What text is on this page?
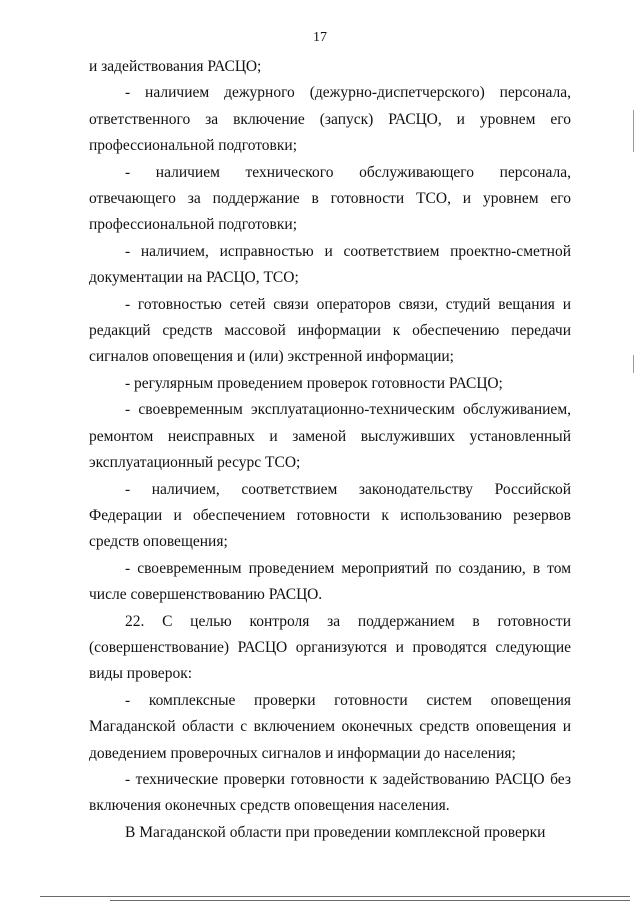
17

и задействования РАСЦО;

- наличием дежурного (дежурно-диспетчерского) персонала, ответственного за включение (запуск) РАСЦО, и уровнем его профессиональной подготовки;

- наличием технического обслуживающего персонала, отвечающего за поддержание в готовности ТСО, и уровнем его профессиональной подготовки;

- наличием, исправностью и соответствием проектно-сметной документации на РАСЦО, ТСО;

- готовностью сетей связи операторов связи, студий вещания и редакций средств массовой информации к обеспечению передачи сигналов оповещения и (или) экстренной информации;

- регулярным проведением проверок готовности РАСЦО;

- своевременным эксплуатационно-техническим обслуживанием, ремонтом неисправных и заменой выслуживших установленный эксплуатационный ресурс ТСО;

- наличием, соответствием законодательству Российской Федерации и обеспечением готовности к использованию резервов средств оповещения;

- своевременным проведением мероприятий по созданию, в том числе совершенствованию РАСЦО.

22. С целью контроля за поддержанием в готовности (совершенствование) РАСЦО организуются и проводятся следующие виды проверок:

- комплексные проверки готовности систем оповещения Магаданской области с включением оконечных средств оповещения и доведением проверочных сигналов и информации до населения;

- технические проверки готовности к задействованию РАСЦО без включения оконечных средств оповещения населения.

В Магаданской области при проведении комплексной проверки
